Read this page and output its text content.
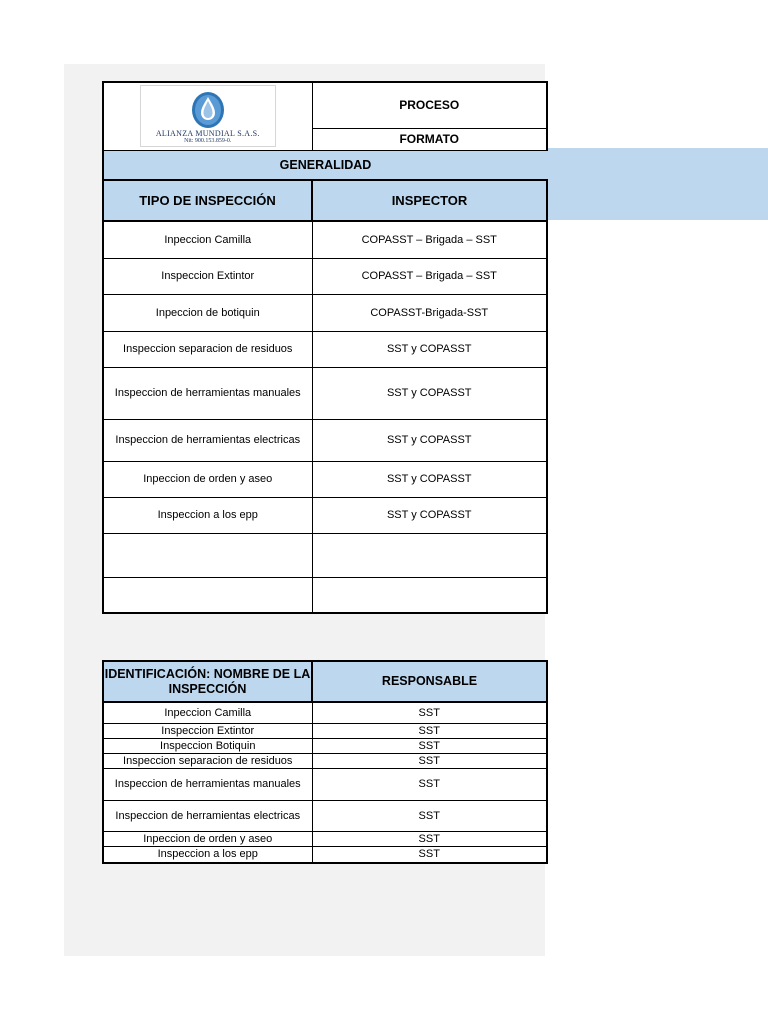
ALIANZA MUNDIAL S.A.S.
Nit: 900.153.859-0.	PROCESO
	FORMATO
GENERALIDAD	
TIPO DE INSPECCIÓN	INSPECTOR
Inpeccion Camilla	COPASST – Brigada – SST
Inspeccion Extintor	COPASST – Brigada – SST
Inpeccion de botiquin	COPASST-Brigada-SST
Inspeccion separacion de residuos	SST y COPASST
Inspeccion de herramientas manuales	SST y COPASST
Inspeccion de herramientas electricas	SST y COPASST
Inpeccion de orden y aseo	SST y COPASST
Inspeccion a los epp	SST y COPASST

IDENTIFICACIÓN: NOMBRE DE LA INSPECCIÓN	RESPONSABLE
Inpeccion Camilla	SST
Inspeccion Extintor	SST
Inspeccion Botiquin	SST
Inspeccion separacion de residuos	SST
Inspeccion de herramientas manuales	SST
Inspeccion de herramientas electricas	SST
Inpeccion de orden y aseo	SST
Inspeccion a los epp	SST
